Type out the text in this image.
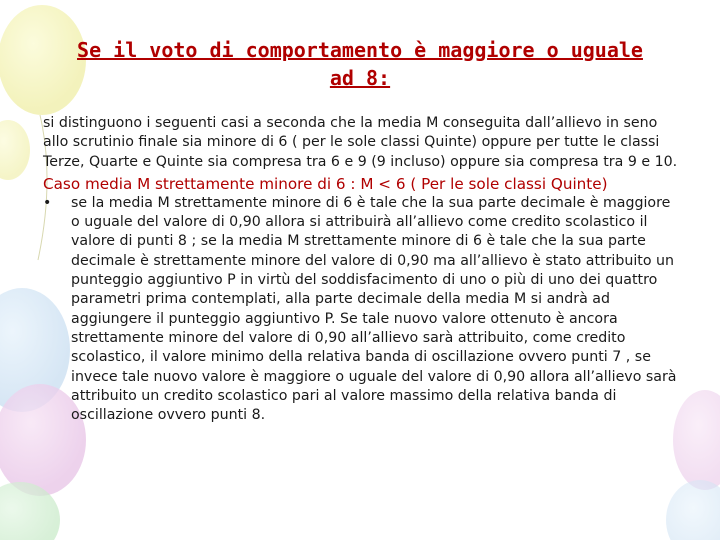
Se il voto di comportamento è maggiore o uguale ad 8:

si distinguono i seguenti casi a seconda che la media M conseguita dall’allievo in seno allo scrutinio finale sia minore di 6 ( per le sole classi Quinte) oppure per tutte le classi Terze, Quarte e Quinte sia compresa tra 6 e 9 (9 incluso) oppure sia compresa tra 9 e 10.

Caso media M strettamente minore di 6 : M < 6 ( Per le sole classi Quinte)

•	se la media M strettamente minore di 6 è tale che la sua parte decimale è maggiore o uguale del valore di 0,90 allora si attribuirà all’allievo come credito scolastico il valore di punti 8 ; se la media M strettamente minore di 6 è tale che la sua parte decimale è strettamente minore del valore di 0,90 ma all’allievo è stato attribuito un punteggio aggiuntivo P in virtù del soddisfacimento di uno o più di uno dei quattro parametri prima contemplati, alla parte decimale della media M si andrà ad aggiungere il punteggio aggiuntivo P. Se tale nuovo valore ottenuto è ancora strettamente minore del valore di 0,90 all’allievo sarà attribuito, come credito scolastico, il valore minimo della relativa banda di oscillazione ovvero punti 7 , se invece tale nuovo valore è maggiore o uguale del valore di 0,90 allora all’allievo sarà attribuito un credito scolastico pari al valore massimo della relativa banda di oscillazione ovvero punti 8.
